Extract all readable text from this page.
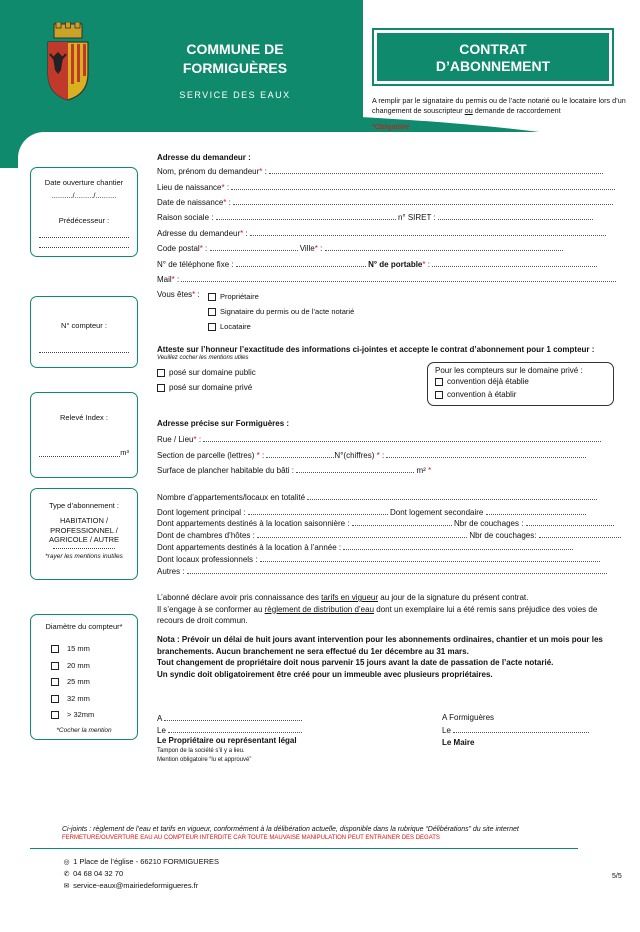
COMMUNE DE
FORMIGUÈRES
SERVICE DES EAUX
CONTRAT
D’ABONNEMENT
A remplir par le signataire du permis ou de l’acte notarié ou le locataire lors d’un changement de souscripteur ou demande de raccordement
*Obligatoire
Date ouverture chantier
........../........./..........
Prédécesseur :
N° compteur :
Relevé Index :
m³
Type d’abonnement :
HABITATION / PROFESSIONNEL / AGRICOLE / AUTRE
*rayer les mentions inutiles
Diamètre du compteur*
15 mm
20 mm
25 mm
32 mm
> 32mm
*Cocher la mention
Adresse du demandeur :
Nom, prénom du demandeur* :
Lieu de naissance* :
Date de naissance* :
Raison sociale :	n° SIRET :
Adresse du demandeur* :
Code postal* :	Ville* :
N° de téléphone fixe :	N° de portable* :
Mail* :
Vous êtes* :	Propriétaire
Signataire du permis ou de l’acte notarié
Locataire
Atteste sur l’honneur l’exactitude des informations ci-jointes et accepte le contrat d’abonnement pour 1 compteur :
Veuillez cocher les mentions utiles
posé sur domaine public
posé sur domaine privé
Pour les compteurs sur le domaine privé :
convention déjà établie
convention à établir
Adresse précise sur Formiguères :
Rue / Lieu* :
Section de parcelle (lettres) * :	N°(chiffres) * :
Surface de plancher habitable du bâti :	m² *
Nombre d’appartements/locaux en totalité
Dont logement principal :	Dont logement secondaire
Dont appartements destinés à la location saisonnière :	Nbr de couchages :
Dont de chambres d’hôtes :	Nbr de couchages:
Dont appartements destinés à la location à l’année :
Dont locaux professionnels :
Autres :
L’abonné déclare avoir pris connaissance des tarifs en vigueur au jour de la signature du présent contrat.
Il s’engage à se conformer au règlement de distribution d’eau dont un exemplaire lui a été remis sans préjudice des voies de recours de droit commun.
Nota : Prévoir un délai de huit jours avant intervention pour les abonnements ordinaires, chantier et un mois pour les branchements. Aucun branchement ne sera effectué du 1er décembre au 31 mars.
Tout changement de propriétaire doit nous parvenir 15 jours avant la date de passation de l’acte notarié.
Un syndic doit obligatoirement être créé pour un immeuble avec plusieurs propriétaires.
A
Le
Le Propriétaire ou représentant légal
Tampon de la société s’il y a lieu.
Mention obligatoire “lu et approuvé”
A Formiguères
Le
Le Maire
Ci-joints : règlement de l’eau et tarifs en vigueur, conformément à la délibération actuelle, disponible dans la rubrique “Délibérations” du site internet
FERMETURE/OUVERTURE EAU AU COMPTEUR INTERDITE CAR TOUTE MAUVAISE MANIPULATION PEUT ENTRAINER DES DEGATS
◎ 1 Place de l’église - 66210 FORMIGUERES
✆ 04 68 04 32 70
✉ service-eaux@mairiedeformigueres.fr
5/5
